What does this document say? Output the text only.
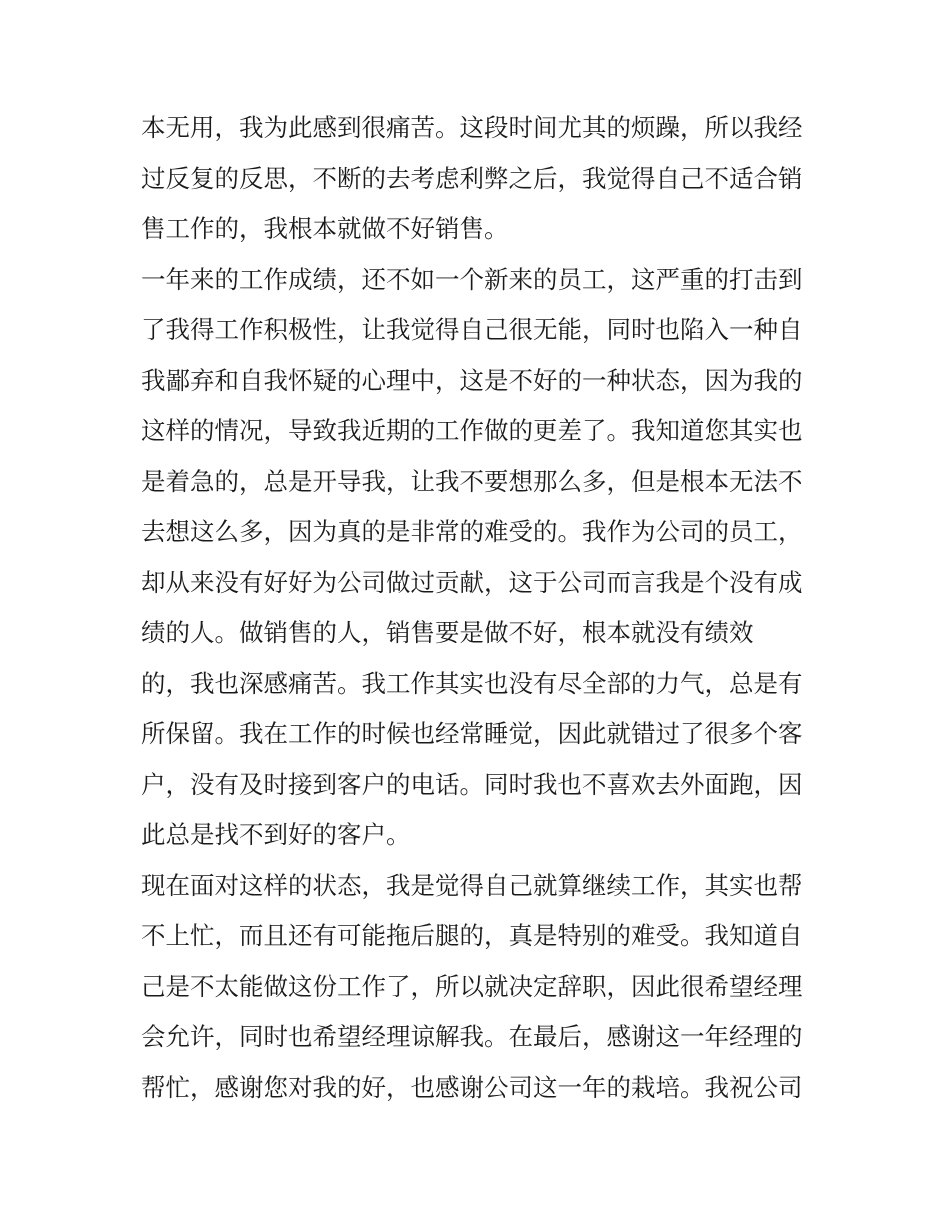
本无用，我为此感到很痛苦。这段时间尤其的烦躁，所以我经
过反复的反思，不断的去考虑利弊之后，我觉得自己不适合销
售工作的，我根本就做不好销售。
一年来的工作成绩，还不如一个新来的员工，这严重的打击到
了我得工作积极性，让我觉得自己很无能，同时也陷入一种自
我鄙弃和自我怀疑的心理中，这是不好的一种状态，因为我的
这样的情况，导致我近期的工作做的更差了。我知道您其实也
是着急的，总是开导我，让我不要想那么多，但是根本无法不
去想这么多，因为真的是非常的难受的。我作为公司的员工，
却从来没有好好为公司做过贡献，这于公司而言我是个没有成
绩的人。做销售的人，销售要是做不好，根本就没有绩效
的，我也深感痛苦。我工作其实也没有尽全部的力气，总是有
所保留。我在工作的时候也经常睡觉，因此就错过了很多个客
户，没有及时接到客户的电话。同时我也不喜欢去外面跑，因
此总是找不到好的客户。
现在面对这样的状态，我是觉得自己就算继续工作，其实也帮
不上忙，而且还有可能拖后腿的，真是特别的难受。我知道自
己是不太能做这份工作了，所以就决定辞职，因此很希望经理
会允许，同时也希望经理谅解我。在最后，感谢这一年经理的
帮忙，感谢您对我的好，也感谢公司这一年的栽培。我祝公司
